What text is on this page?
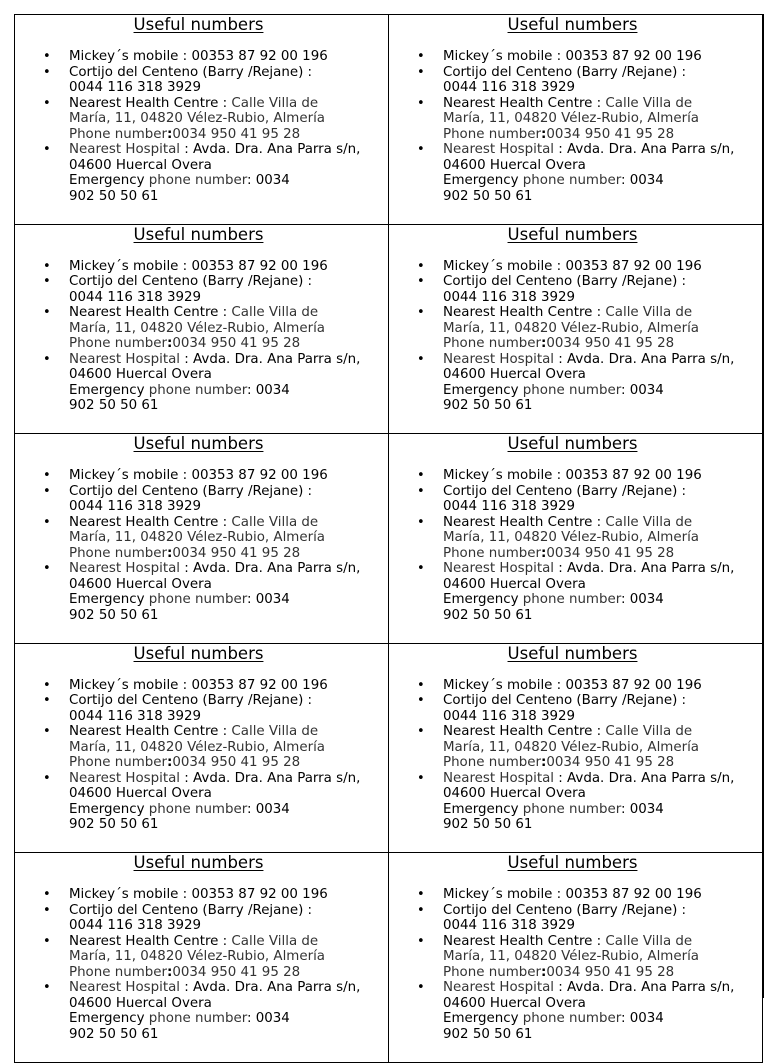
Useful numbers
• Mickey´s mobile : 00353 87 92 00 196
• Cortijo del Centeno (Barry /Rejane) :
0044 116 318 3929
• Nearest Health Centre : Calle Villa de
María, 11, 04820 Vélez-Rubio, Almería
Phone number:0034 950 41 95 28
• Nearest Hospital : Avda. Dra. Ana Parra s/n,
04600 Huercal Overa
Emergency phone number: 0034
902 50 50 61
Useful numbers
• Mickey´s mobile : 00353 87 92 00 196
• Cortijo del Centeno (Barry /Rejane) :
0044 116 318 3929
• Nearest Health Centre : Calle Villa de
María, 11, 04820 Vélez-Rubio, Almería
Phone number:0034 950 41 95 28
• Nearest Hospital : Avda. Dra. Ana Parra s/n,
04600 Huercal Overa
Emergency phone number: 0034
902 50 50 61
Useful numbers
• Mickey´s mobile : 00353 87 92 00 196
• Cortijo del Centeno (Barry /Rejane) :
0044 116 318 3929
• Nearest Health Centre : Calle Villa de
María, 11, 04820 Vélez-Rubio, Almería
Phone number:0034 950 41 95 28
• Nearest Hospital : Avda. Dra. Ana Parra s/n,
04600 Huercal Overa
Emergency phone number: 0034
902 50 50 61
Useful numbers
• Mickey´s mobile : 00353 87 92 00 196
• Cortijo del Centeno (Barry /Rejane) :
0044 116 318 3929
• Nearest Health Centre : Calle Villa de
María, 11, 04820 Vélez-Rubio, Almería
Phone number:0034 950 41 95 28
• Nearest Hospital : Avda. Dra. Ana Parra s/n,
04600 Huercal Overa
Emergency phone number: 0034
902 50 50 61
Useful numbers
• Mickey´s mobile : 00353 87 92 00 196
• Cortijo del Centeno (Barry /Rejane) :
0044 116 318 3929
• Nearest Health Centre : Calle Villa de
María, 11, 04820 Vélez-Rubio, Almería
Phone number:0034 950 41 95 28
• Nearest Hospital : Avda. Dra. Ana Parra s/n,
04600 Huercal Overa
Emergency phone number: 0034
902 50 50 61
Useful numbers
• Mickey´s mobile : 00353 87 92 00 196
• Cortijo del Centeno (Barry /Rejane) :
0044 116 318 3929
• Nearest Health Centre : Calle Villa de
María, 11, 04820 Vélez-Rubio, Almería
Phone number:0034 950 41 95 28
• Nearest Hospital : Avda. Dra. Ana Parra s/n,
04600 Huercal Overa
Emergency phone number: 0034
902 50 50 61
Useful numbers
• Mickey´s mobile : 00353 87 92 00 196
• Cortijo del Centeno (Barry /Rejane) :
0044 116 318 3929
• Nearest Health Centre : Calle Villa de
María, 11, 04820 Vélez-Rubio, Almería
Phone number:0034 950 41 95 28
• Nearest Hospital : Avda. Dra. Ana Parra s/n,
04600 Huercal Overa
Emergency phone number: 0034
902 50 50 61
Useful numbers
• Mickey´s mobile : 00353 87 92 00 196
• Cortijo del Centeno (Barry /Rejane) :
0044 116 318 3929
• Nearest Health Centre : Calle Villa de
María, 11, 04820 Vélez-Rubio, Almería
Phone number:0034 950 41 95 28
• Nearest Hospital : Avda. Dra. Ana Parra s/n,
04600 Huercal Overa
Emergency phone number: 0034
902 50 50 61
Useful numbers
• Mickey´s mobile : 00353 87 92 00 196
• Cortijo del Centeno (Barry /Rejane) :
0044 116 318 3929
• Nearest Health Centre : Calle Villa de
María, 11, 04820 Vélez-Rubio, Almería
Phone number:0034 950 41 95 28
• Nearest Hospital : Avda. Dra. Ana Parra s/n,
04600 Huercal Overa
Emergency phone number: 0034
902 50 50 61
Useful numbers
• Mickey´s mobile : 00353 87 92 00 196
• Cortijo del Centeno (Barry /Rejane) :
0044 116 318 3929
• Nearest Health Centre : Calle Villa de
María, 11, 04820 Vélez-Rubio, Almería
Phone number:0034 950 41 95 28
• Nearest Hospital : Avda. Dra. Ana Parra s/n,
04600 Huercal Overa
Emergency phone number: 0034
902 50 50 61
